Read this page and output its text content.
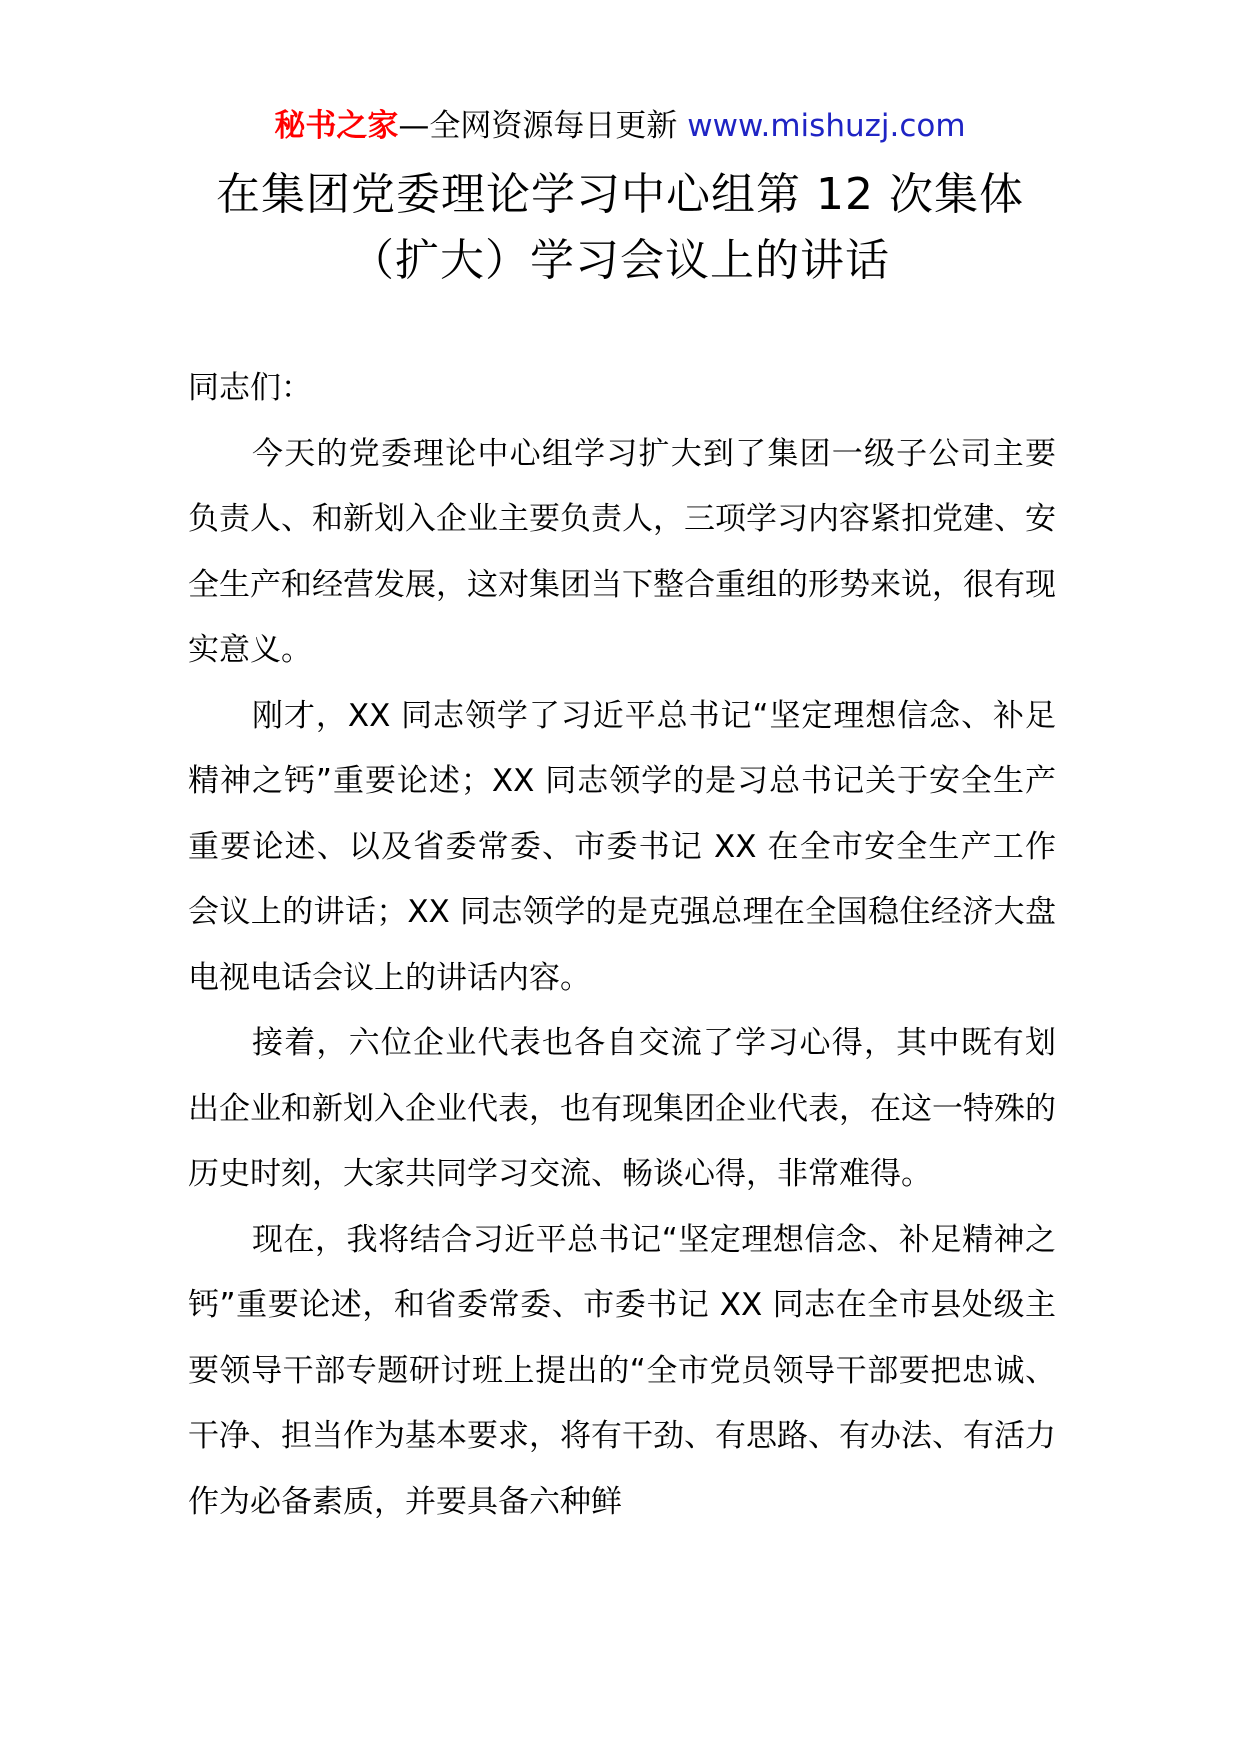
秘书之家—全网资源每日更新 www.mishuzj.com
在集团党委理论学习中心组第 12 次集体
（扩大）学习会议上的讲话

同志们：

今天的党委理论中心组学习扩大到了集团一级子公司主要负责人、和新划入企业主要负责人，三项学习内容紧扣党建、安全生产和经营发展，这对集团当下整合重组的形势来说，很有现实意义。

刚才，XX 同志领学了习近平总书记“坚定理想信念、补足精神之钙”重要论述；XX 同志领学的是习总书记关于安全生产重要论述、以及省委常委、市委书记 XX 在全市安全生产工作会议上的讲话；XX 同志领学的是克强总理在全国稳住经济大盘电视电话会议上的讲话内容。

接着，六位企业代表也各自交流了学习心得，其中既有划出企业和新划入企业代表，也有现集团企业代表，在这一特殊的历史时刻，大家共同学习交流、畅谈心得，非常难得。

现在，我将结合习近平总书记“坚定理想信念、补足精神之钙”重要论述，和省委常委、市委书记 XX 同志在全市县处级主要领导干部专题研讨班上提出的“全市党员领导干部要把忠诚、干净、担当作为基本要求，将有干劲、有思路、有办法、有活力作为必备素质，并要具备六种鲜
